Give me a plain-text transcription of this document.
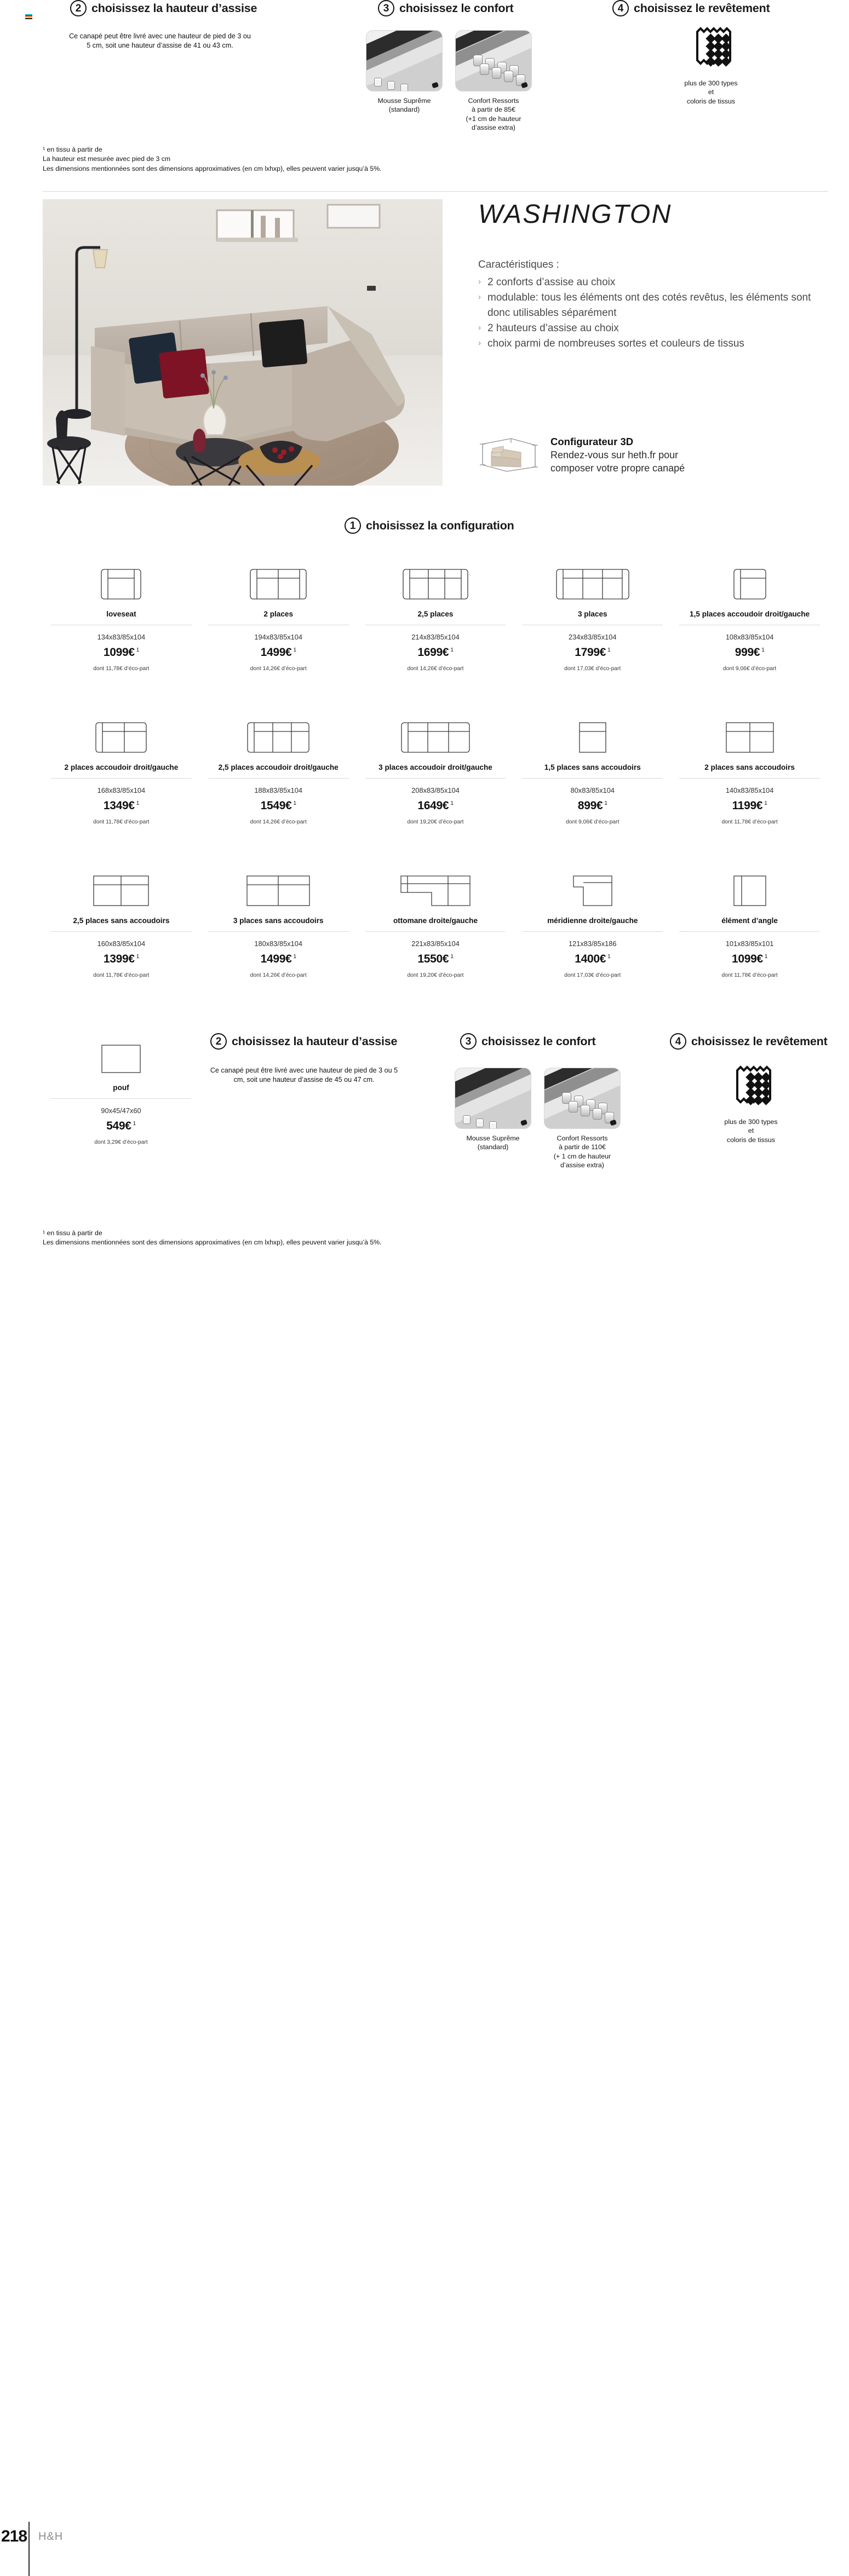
2 choisissez la hauteur d’assise
Ce canapé peut être livré avec une hauteur de pied de 3 ou 5 cm, soit une hauteur d’assise de 41 ou 43 cm.
3 choisissez le confort
Mousse Suprême
(standard)
Confort Ressorts
à partir de 85€
(+1 cm de hauteur
d’assise extra)
4 choisissez le revêtement
plus de 300 types et
coloris de tissus
¹ en tissu à partir de
La hauteur est mesurée avec pied de 3 cm
Les dimensions mentionnées sont des dimensions approximatives (en cm lxhxp), elles peuvent varier jusqu’à 5%.
WASHINGTON
Caractéristiques :
› 2 conforts d’assise au choix
› modulable: tous les éléments ont des cotés revêtus, les éléments sont donc utilisables séparément
› 2 hauteurs d’assise au choix
› choix parmi de nombreuses sortes et couleurs de tissus
Configurateur 3D
Rendez-vous sur heth.fr pour
composer votre propre canapé
1 choisissez la configuration
loveseat
134x83/85x104
1099€ $^1$
dont 11,78€ d’éco-part
2 places
194x83/85x104
1499€ $^1$
dont 14,26€ d’éco-part
2,5 places
214x83/85x104
1699€ $^1$
dont 14,26€ d’éco-part
3 places
234x83/85x104
1799€ $^1$
dont 17,03€ d’éco-part
1,5 places accoudoir droit/gauche
108x83/85x104
999€ $^1$
dont 9,06€ d’éco-part
2 places accoudoir droit/gauche
168x83/85x104
1349€ $^1$
dont 11,78€ d’éco-part
2,5 places accoudoir droit/gauche
188x83/85x104
1549€ $^1$
dont 14,26€ d’éco-part
3 places accoudoir droit/gauche
208x83/85x104
1649€ $^1$
dont 19,20€ d’éco-part
1,5 places sans accoudoirs
80x83/85x104
899€ $^1$
dont 9,06€ d’éco-part
2 places sans accoudoirs
140x83/85x104
1199€ $^1$
dont 11,78€ d’éco-part
2,5 places sans accoudoirs
160x83/85x104
1399€ $^1$
dont 11,78€ d’éco-part
3 places sans accoudoirs
180x83/85x104
1499€ $^1$
dont 14,26€ d’éco-part
ottomane droite/gauche
221x83/85x104
1550€ $^1$
dont 19,20€ d’éco-part
méridienne droite/gauche
121x83/85x186
1400€ $^1$
dont 17,03€ d’éco-part
élément d’angle
101x83/85x101
1099€ $^1$
dont 11,78€ d’éco-part
pouf
90x45/47x60
549€ $^1$
dont 3,29€ d’éco-part
2 choisissez la hauteur d’assise
Ce canapé peut être livré avec une hauteur de pied de 3 ou 5 cm, soit une hauteur d’assise de 45 ou 47 cm.
3 choisissez le confort
Mousse Suprême
(standard)
Confort Ressorts
à partir de 110€
(+ 1 cm de hauteur
d’assise extra)
4 choisissez le revêtement
plus de 300 types et
coloris de tissus
¹ en tissu à partir de
Les dimensions mentionnées sont des dimensions approximatives (en cm lxhxp), elles peuvent varier jusqu’à 5%.
218 H&H
